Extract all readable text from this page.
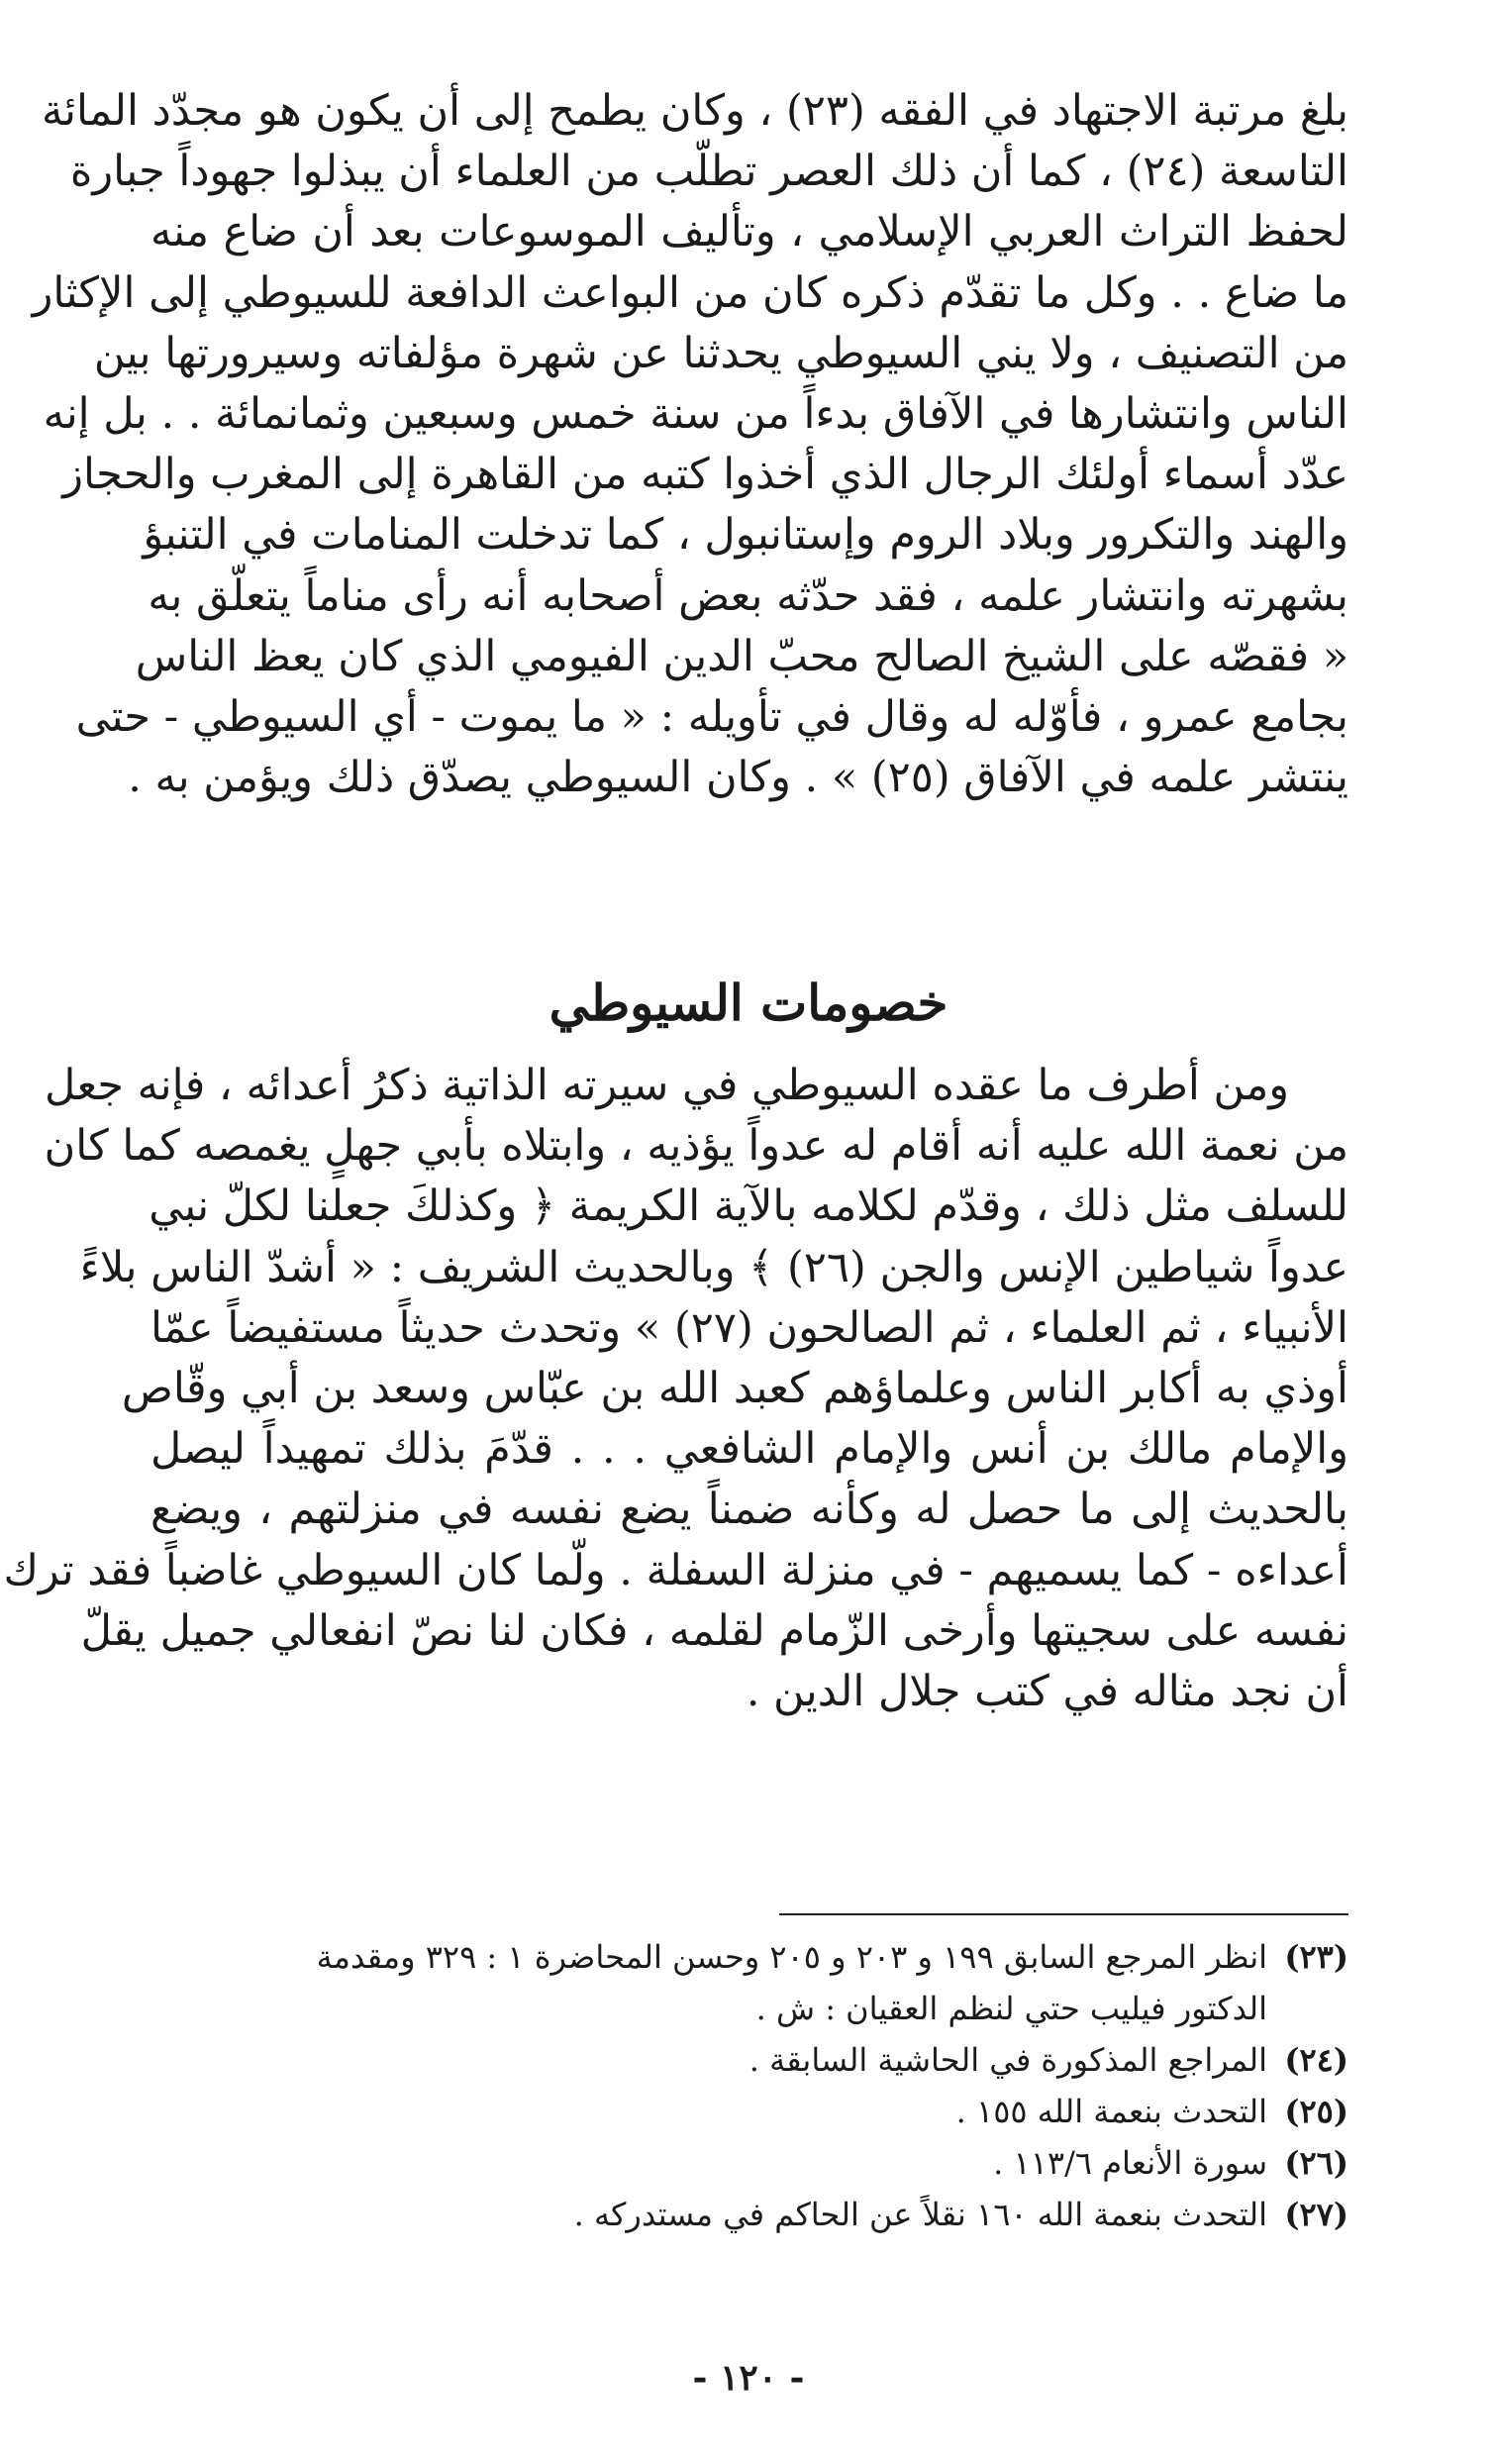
بلغ مرتبة الاجتهاد في الفقه (٢٣) ، وكان يطمح إلى أن يكون هو مجدّد المائة
التاسعة (٢٤) ، كما أن ذلك العصر تطلّب من العلماء أن يبذلوا جهوداً جبارة
لحفظ التراث العربي الإسلامي ، وتأليف الموسوعات بعد أن ضاع منه
ما ضاع . . وكل ما تقدّم ذكره كان من البواعث الدافعة للسيوطي إلى الإكثار
من التصنيف ، ولا يني السيوطي يحدثنا عن شهرة مؤلفاته وسيرورتها بين
الناس وانتشارها في الآفاق بدءاً من سنة خمس وسبعين وثمانمائة . . بل إنه
عدّد أسماء أولئك الرجال الذي أخذوا كتبه من القاهرة إلى المغرب والحجاز
والهند والتكرور وبلاد الروم وإستانبول ، كما تدخلت المنامات في التنبؤ
بشهرته وانتشار علمه ، فقد حدّثه بعض أصحابه أنه رأى مناماً يتعلّق به
« فقصّه على الشيخ الصالح محبّ الدين الفيومي الذي كان يعظ الناس
بجامع عمرو ، فأوّله له وقال في تأويله : « ما يموت - أي السيوطي - حتى
ينتشر علمه في الآفاق (٢٥) » . وكان السيوطي يصدّق ذلك ويؤمن به .
خصومات السيوطي
ومن أطرف ما عقده السيوطي في سيرته الذاتية ذكرُ أعدائه ، فإنه جعل
من نعمة الله عليه أنه أقام له عدواً يؤذيه ، وابتلاه بأبي جهلٍ يغمصه كما كان
للسلف مثل ذلك ، وقدّم لكلامه بالآية الكريمة ﴿ وكذلكَ جعلنا لكلّ نبي
عدواً شياطين الإنس والجن (٢٦) ﴾ وبالحديث الشريف : « أشدّ الناس بلاءً
الأنبياء ، ثم العلماء ، ثم الصالحون (٢٧) » وتحدث حديثاً مستفيضاً عمّا
أوذي به أكابر الناس وعلماؤهم كعبد الله بن عبّاس وسعد بن أبي وقّاص
والإمام مالك بن أنس والإمام الشافعي . . . قدّمَ بذلك تمهيداً ليصل
بالحديث إلى ما حصل له وكأنه ضمناً يضع نفسه في منزلتهم ، ويضع
أعداءه - كما يسميهم - في منزلة السفلة . ولّما كان السيوطي غاضباً فقد ترك
نفسه على سجيتها وأرخى الزّمام لقلمه ، فكان لنا نصّ انفعالي جميل يقلّ
أن نجد مثاله في كتب جلال الدين .
(٢٣)
انظر المرجع السابق ١٩٩ و ٢٠٣ و ٢٠٥ وحسن المحاضرة ١ : ٣٢٩ ومقدمة
الدكتور فيليب حتي لنظم العقيان : ش .
(٢٤)
المراجع المذكورة في الحاشية السابقة .
(٢٥)
التحدث بنعمة الله ١٥٥ .
(٢٦)
سورة الأنعام ١١٣/٦ .
(٢٧)
التحدث بنعمة الله ١٦٠ نقلاً عن الحاكم في مستدركه .
- ١٢٠ -
